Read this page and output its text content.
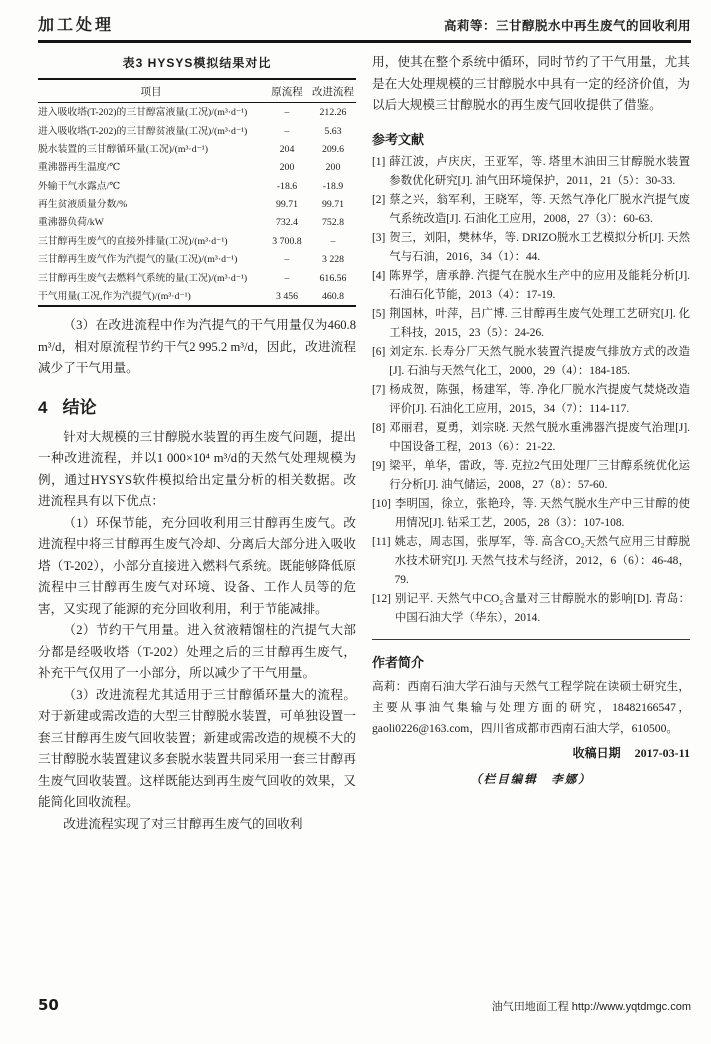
加工处理	高莉等：三甘醇脱水中再生废气的回收利用
表3 HYSYS模拟结果对比
项目	原流程	改进流程
进入吸收塔(T-202)的三甘醇富液量(工况)/(m³·d⁻¹)	–	212.26
进入吸收塔(T-202)的三甘醇贫液量(工况)/(m³·d⁻¹)	–	5.63
脱水装置的三甘醇循环量(工况)/(m³·d⁻¹)	204	209.6
重沸器再生温度/℃	200	200
外输干气水露点/℃	-18.6	-18.9
再生贫液质量分数/%	99.71	99.71
重沸器负荷/kW	732.4	752.8
三甘醇再生废气的直接外排量(工况)/(m³·d⁻¹)	3 700.8	–
三甘醇再生废气作为汽提气的量(工况)/(m³·d⁻¹)	–	3 228
三甘醇再生废气去燃料气系统的量(工况)/(m³·d⁻¹)	–	616.56
干气用量(工况,作为汽提气)/(m³·d⁻¹)	3 456	460.8

（3）在改进流程中作为汽提气的干气用量仅为460.8 m³/d，相对原流程节约干气2 995.2 m³/d，因此，改进流程减少了干气用量。

4 结论

针对大规模的三甘醇脱水装置的再生废气问题，提出一种改进流程，并以1 000×10⁴ m³/d的天然气处理规模为例，通过HYSYS软件模拟给出定量分析的相关数据。改进流程具有以下优点：

（1）环保节能，充分回收利用三甘醇再生废气。改进流程中将三甘醇再生废气冷却、分离后大部分进入吸收塔（T-202），小部分直接进入燃料气系统。既能够降低原流程中三甘醇再生废气对环境、设备、工作人员等的危害，又实现了能源的充分回收利用，利于节能减排。

（2）节约干气用量。进入贫液精馏柱的汽提气大部分都是经吸收塔（T-202）处理之后的三甘醇再生废气，补充干气仅用了一小部分，所以减少了干气用量。

（3）改进流程尤其适用于三甘醇循环量大的流程。对于新建或需改造的大型三甘醇脱水装置，可单独设置一套三甘醇再生废气回收装置；新建或需改造的规模不大的三甘醇脱水装置建议多套脱水装置共同采用一套三甘醇再生废气回收装置。这样既能达到再生废气回收的效果，又能简化回收流程。

改进流程实现了对三甘醇再生废气的回收利

用，使其在整个系统中循环，同时节约了干气用量，尤其是在大处理规模的三甘醇脱水中具有一定的经济价值，为以后大规模三甘醇脱水的再生废气回收提供了借鉴。

参考文献
[1] 薛江波，卢庆庆，王亚军，等. 塔里木油田三甘醇脱水装置参数优化研究[J]. 油气田环境保护，2011，21（5）：30-33.
[2] 蔡之兴，翁军利，王晓军，等. 天然气净化厂脱水汽提气废气系统改造[J]. 石油化工应用，2008，27（3）：60-63.
[3] 贺三，刘阳，樊林华，等. DRIZO脱水工艺模拟分析[J]. 天然气与石油，2016，34（1）：44.
[4] 陈界学，唐承静. 汽提气在脱水生产中的应用及能耗分析[J]. 石油石化节能，2013（4）：17-19.
[5] 荆国林，叶萍，吕广博. 三甘醇再生废气处理工艺研究[J]. 化工科技，2015，23（5）：24-26.
[6] 刘定东. 长寿分厂天然气脱水装置汽提废气排放方式的改造[J]. 石油与天然气化工，2000，29（4）：184-185.
[7] 杨成贺，陈强，杨建军，等. 净化厂脱水汽提废气焚烧改造评价[J]. 石油化工应用，2015，34（7）：114-117.
[8] 邓丽君，夏勇，刘宗晓. 天然气脱水重沸器汽提废气治理[J]. 中国设备工程，2013（6）：21-22.
[9] 梁平，单华，雷政，等. 克拉2气田处理厂三甘醇系统优化运行分析[J]. 油气储运，2008，27（8）：57-60.
[10] 李明国，徐立，张艳玲，等. 天然气脱水生产中三甘醇的使用情况[J]. 钻采工艺，2005，28（3）：107-108.
[11] 姚志，周志国，张厚军，等. 高含CO₂天然气应用三甘醇脱水技术研究[J]. 天然气技术与经济，2012，6（6）：46-48，79.
[12] 别记平. 天然气中CO₂含量对三甘醇脱水的影响[D]. 青岛：中国石油大学（华东），2014.
作者简介

高莉：西南石油大学石油与天然气工程学院在读硕士研究生，主要从事油气集输与处理方面的研究，18482166547，gaoli0226@163.com，四川省成都市西南石油大学，610500。

收稿日期 2017-03-11
（栏目编辑　李娜）
50	油气田地面工程 http://www.yqtdmgc.com
